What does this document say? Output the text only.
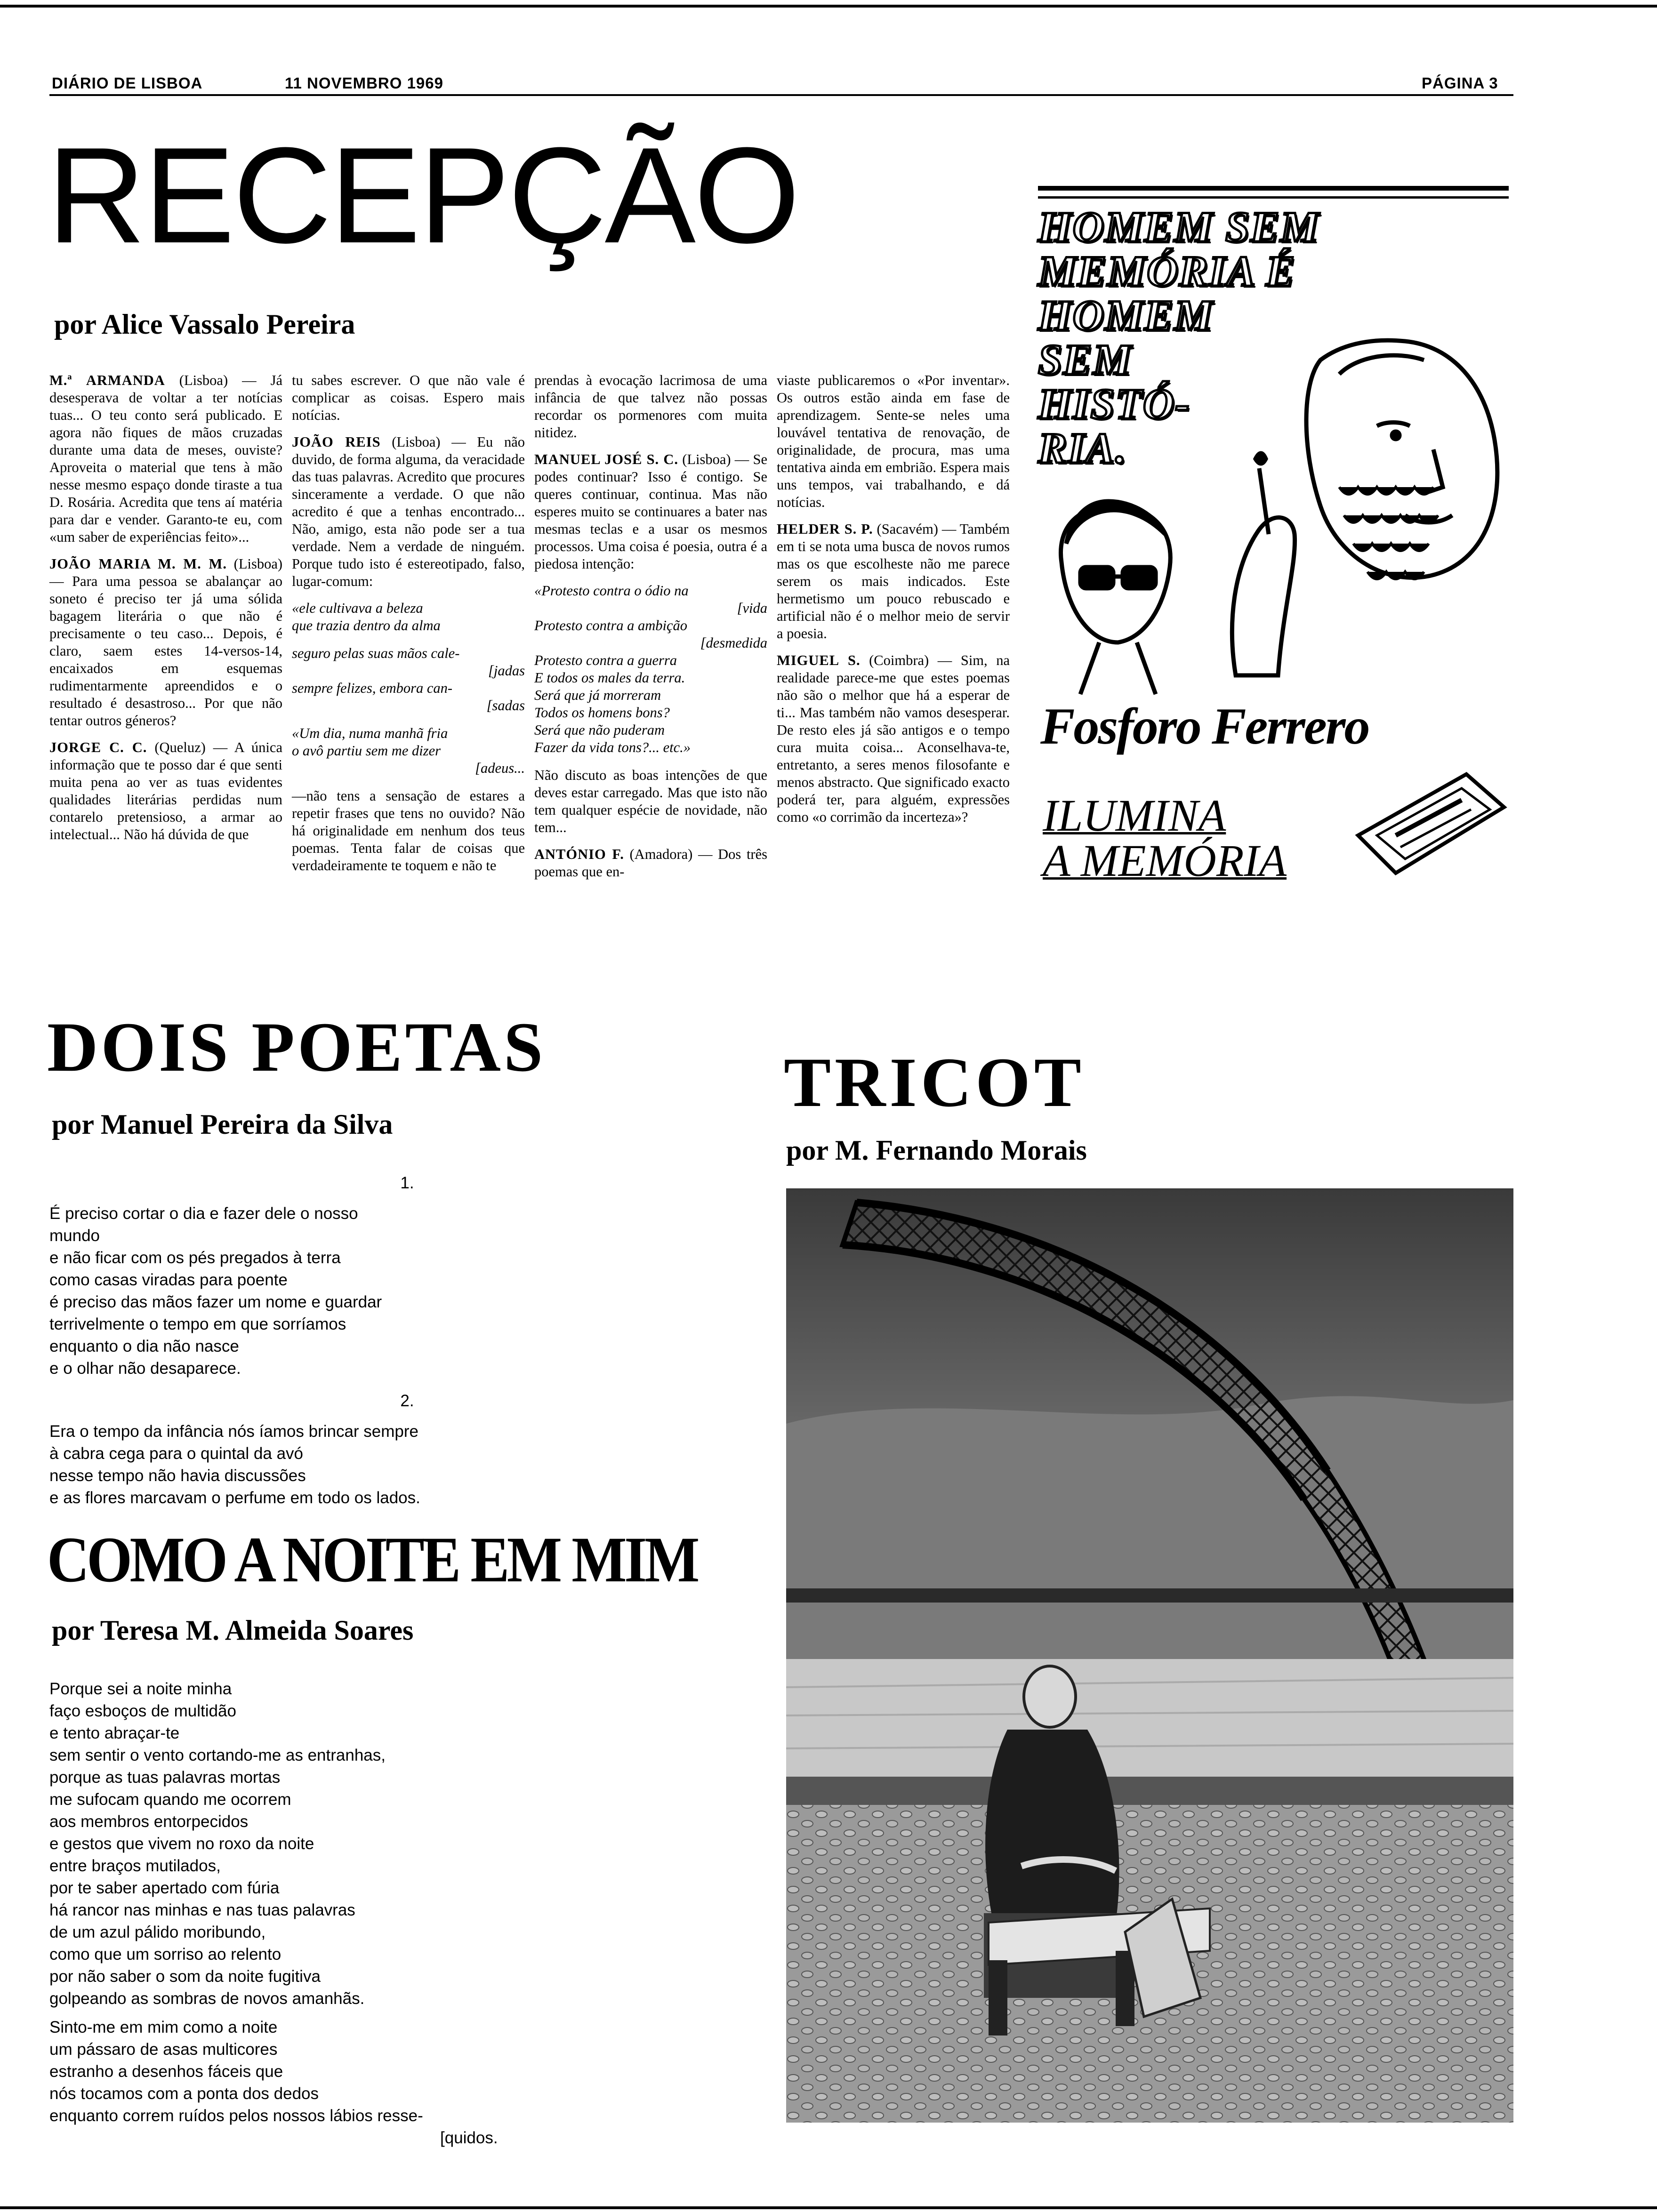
DIÁRIO DE LISBOA	11 NOVEMBRO 1969	PÁGINA 3
RECEPÇÃO
por Alice Vassalo Pereira

M.ª ARMANDA (Lisboa) — Já desesperava de voltar a ter notícias tuas... O teu conto será publicado. E agora não fiques de mãos cruzadas durante uma data de meses, ouviste? Aproveita o material que tens à mão nesse mesmo espaço donde tiraste a tua D. Rosária. Acredita que tens aí matéria para dar e vender. Garanto-te eu, com «um saber de experiências feito»...

JOÃO MARIA M. M. M. (Lisboa) — Para uma pessoa se abalançar ao soneto é preciso ter já uma sólida bagagem literária o que não é precisamente o teu caso... Depois, é claro, saem estes 14-versos-14, encaixados em esquemas rudimentarmente apreendidos e o resultado é desastroso... Por que não tentar outros géneros?

JORGE C. C. (Queluz) — A única informação que te posso dar é que senti muita pena ao ver as tuas evidentes qualidades literárias perdidas num contarelo pretensioso, a armar ao intelectual... Não há dúvida de que

tu sabes escrever. O que não vale é complicar as coisas. Espero mais notícias.

JOÃO REIS (Lisboa) — Eu não duvido, de forma alguma, da veracidade das tuas palavras. Acredito que procures sinceramente a verdade. O que não acredito é que a tenhas encontrado... Não, amigo, esta não pode ser a tua verdade. Nem a verdade de ninguém. Porque tudo isto é estereotipado, falso, lugar-comum:

«ele cultivava a beleza
que trazia dentro da alma
seguro pelas suas mãos cale-
[jadas
sempre felizes, embora can-
[sadas
«Um dia, numa manhã fria
o avô partiu sem me dizer
[adeus...

—não tens a sensação de estares a repetir frases que tens no ouvido? Não há originalidade em nenhum dos teus poemas. Tenta falar de coisas que verdadeiramente te toquem e não te

prendas à evocação lacrimosa de uma infância de que talvez não possas recordar os pormenores com muita nitidez.

MANUEL JOSÉ S. C. (Lisboa) — Se podes continuar? Isso é contigo. Se queres continuar, continua. Mas não esperes muito se continuares a bater nas mesmas teclas e a usar os mesmos processos. Uma coisa é poesia, outra é a piedosa intenção:

«Protesto contra o ódio na
[vida
Protesto contra a ambição
[desmedida
Protesto contra a guerra
E todos os males da terra.
Será que já morreram
Todos os homens bons?
Será que não puderam
Fazer da vida tons?... etc.»

Não discuto as boas intenções de que deves estar carregado. Mas que isto não tem qualquer espécie de novidade, não tem...

ANTÓNIO F. (Amadora) — Dos três poemas que en-

viaste publicaremos o «Por inventar». Os outros estão ainda em fase de aprendizagem. Sente-se neles uma louvável tentativa de renovação, de originalidade, de procura, mas uma tentativa ainda em embrião. Espera mais uns tempos, vai trabalhando, e dá notícias.

HELDER S. P. (Sacavém) — Também em ti se nota uma busca de novos rumos mas os que escolheste não me parece serem os mais indicados. Este hermetismo um pouco rebuscado e artificial não é o melhor meio de servir a poesia.

MIGUEL S. (Coimbra) — Sim, na realidade parece-me que estes poemas não são o melhor que há a esperar de ti... Mas também não vamos desesperar. De resto eles já são antigos e o tempo cura muita coisa... Aconselhava-te, entretanto, a seres menos filosofante e menos abstracto. Que significado exacto poderá ter, para alguém, expressões como «o corrimão da incerteza»?

HOMEM SEM
MEMÓRIA É
HOMEM
SEM
HISTÓ-
RIA.
Fosforo Ferrero
ILUMINA
A MEMÓRIA
DOIS POETAS
por Manuel Pereira da Silva
1.
É preciso cortar o dia e fazer dele o nosso
mundo
e não ficar com os pés pregados à terra
como casas viradas para poente
é preciso das mãos fazer um nome e guardar
terrivelmente o tempo em que sorríamos
enquanto o dia não nasce
e o olhar não desaparece.
2.
Era o tempo da infância nós íamos brincar sempre
à cabra cega para o quintal da avó
nesse tempo não havia discussões
e as flores marcavam o perfume em todo os lados.
COMO A NOITE EM MIM
por Teresa M. Almeida Soares
Porque sei a noite minha
faço esboços de multidão
e tento abraçar-te
sem sentir o vento cortando-me as entranhas,
porque as tuas palavras mortas
me sufocam quando me ocorrem
aos membros entorpecidos
e gestos que vivem no roxo da noite
entre braços mutilados,
por te saber apertado com fúria
há rancor nas minhas e nas tuas palavras
de um azul pálido moribundo,
como que um sorriso ao relento
por não saber o som da noite fugitiva
golpeando as sombras de novos amanhãs.
Sinto-me em mim como a noite
um pássaro de asas multicores
estranho a desenhos fáceis que
nós tocamos com a ponta dos dedos
enquanto correm ruídos pelos nossos lábios resse-
[quidos.
TRICOT
por M. Fernando Morais
